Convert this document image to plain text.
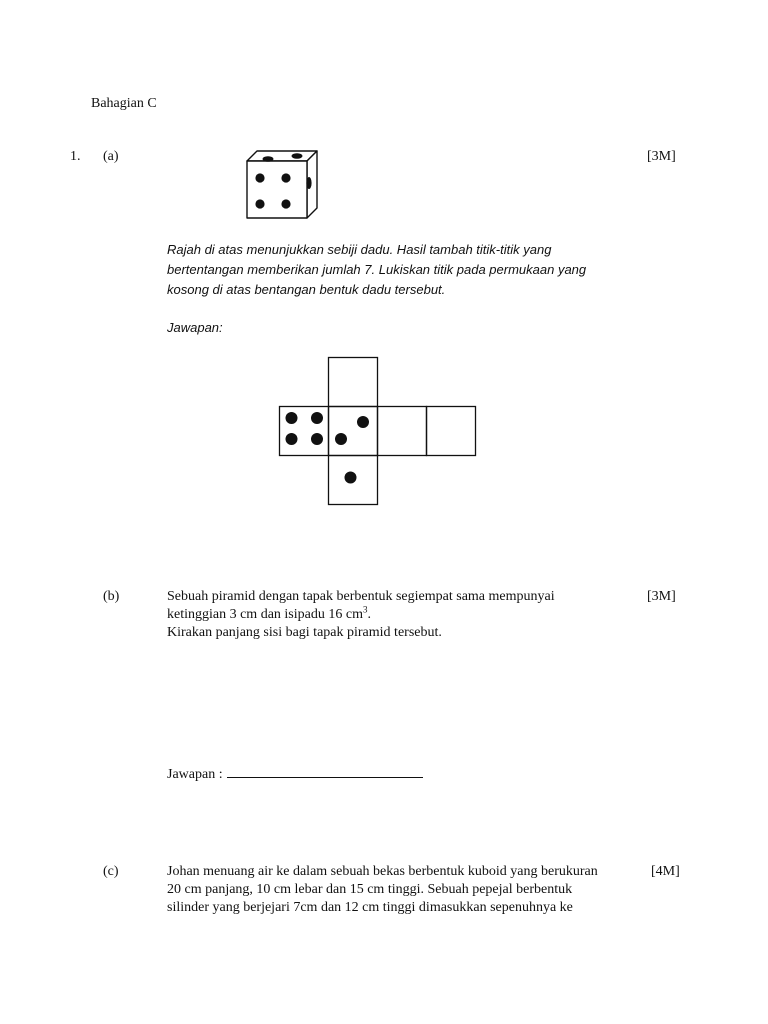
Bahagian C
1. (a)	[3M]
Rajah di atas menunjukkan sebiji dadu. Hasil tambah titik-titik yang
bertentangan memberikan jumlah 7. Lukiskan titik pada permukaan yang
kosong di atas bentangan bentuk dadu tersebut.
Jawapan:
(b)	[3M]
Sebuah piramid dengan tapak berbentuk segiempat sama mempunyai
ketinggian 3 cm dan isipadu 16 $cm^3$.
Kirakan panjang sisi bagi tapak piramid tersebut.
Jawapan :
(c)	[4M]
Johan menuang air ke dalam sebuah bekas berbentuk kuboid yang berukuran
20 cm panjang, 10 cm lebar dan 15 cm tinggi. Sebuah pepejal berbentuk
silinder yang berjejari 7cm dan 12 cm tinggi dimasukkan sepenuhnya ke
